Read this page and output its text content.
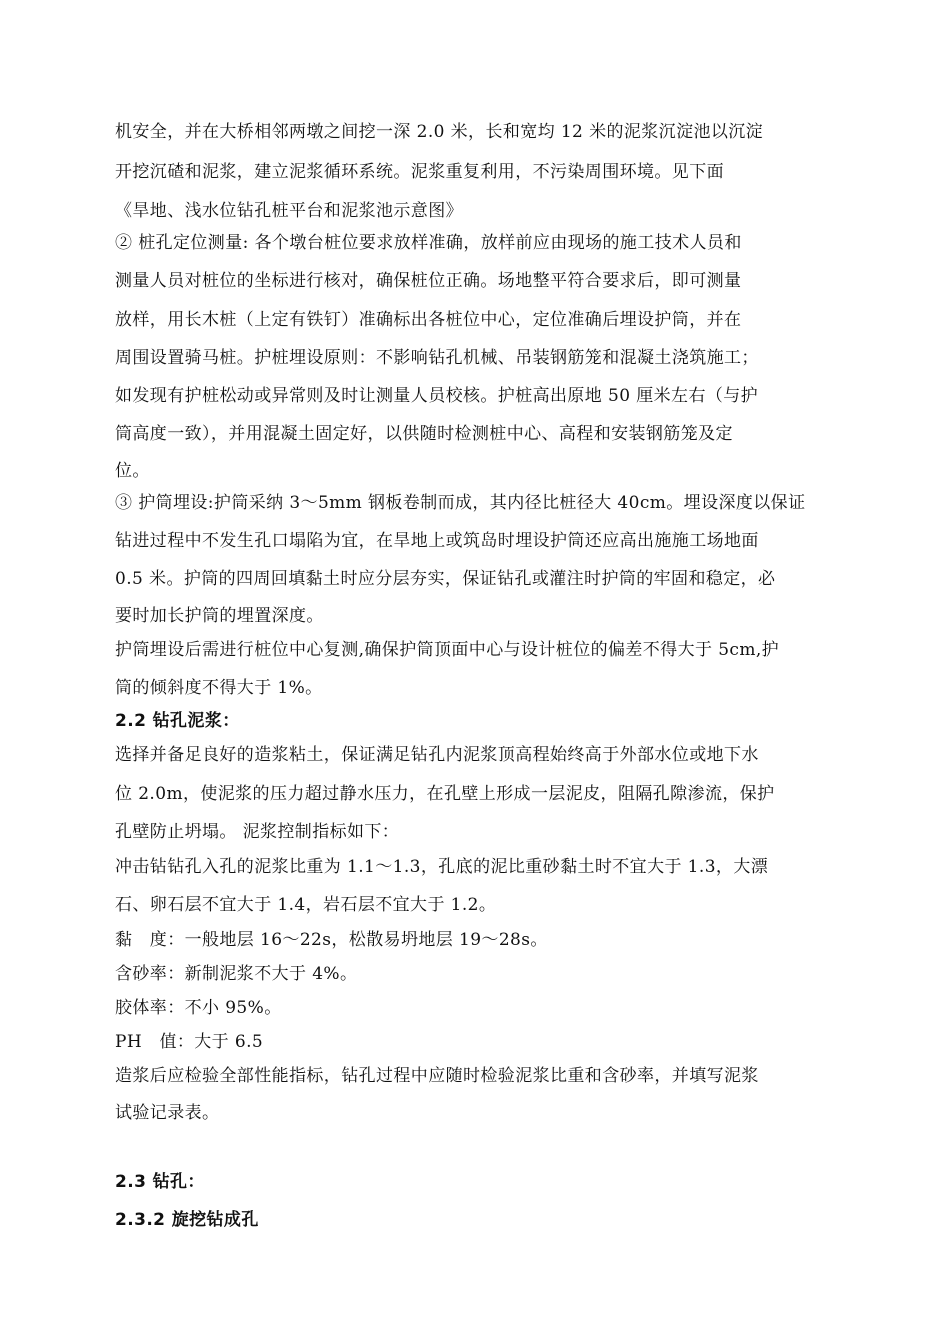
机安全，并在大桥相邻两墩之间挖一深 2.0 米，长和宽均 12 米的泥浆沉淀池以沉淀
开挖沉碴和泥浆，建立泥浆循环系统。泥浆重复利用，不污染周围环境。见下面
《旱地、浅水位钻孔桩平台和泥浆池示意图》
② 桩孔定位测量: 各个墩台桩位要求放样准确，放样前应由现场的施工技术人员和
测量人员对桩位的坐标进行核对，确保桩位正确。场地整平符合要求后，即可测量
放样，用长木桩（上定有铁钉）准确标出各桩位中心，定位准确后埋设护筒，并在
周围设置骑马桩。护桩埋设原则：不影响钻孔机械、吊装钢筋笼和混凝土浇筑施工；
如发现有护桩松动或异常则及时让测量人员校核。护桩高出原地 50 厘米左右（与护
筒高度一致），并用混凝土固定好，以供随时检测桩中心、高程和安装钢筋笼及定
位。
③ 护筒埋设:护筒采纳 3～5mm 钢板卷制而成，其内径比桩径大 40cm。埋设深度以保证
钻进过程中不发生孔口塌陷为宜，在旱地上或筑岛时埋设护筒还应高出施施工场地面
0.5 米。护筒的四周回填黏土时应分层夯实，保证钻孔或灌注时护筒的牢固和稳定，必
要时加长护筒的埋置深度。
护筒埋设后需进行桩位中心复测,确保护筒顶面中心与设计桩位的偏差不得大于 5cm,护
筒的倾斜度不得大于 1%。
2.2 钻孔泥浆：
选择并备足良好的造浆粘土，保证满足钻孔内泥浆顶高程始终高于外部水位或地下水
位 2.0m，使泥浆的压力超过静水压力，在孔壁上形成一层泥皮，阻隔孔隙渗流，保护
孔壁防止坍塌。 泥浆控制指标如下：
冲击钻钻孔入孔的泥浆比重为 1.1～1.3，孔底的泥比重砂黏土时不宜大于 1.3，大漂
石、卵石层不宜大于 1.4，岩石层不宜大于 1.2。
黏　度：一般地层 16～22s，松散易坍地层 19～28s。
含砂率：新制泥浆不大于 4%。
胶体率：不小 95%。
PH　值：大于 6.5
造浆后应检验全部性能指标，钻孔过程中应随时检验泥浆比重和含砂率，并填写泥浆
试验记录表。
2.3 钻孔：
2.3.2 旋挖钻成孔
